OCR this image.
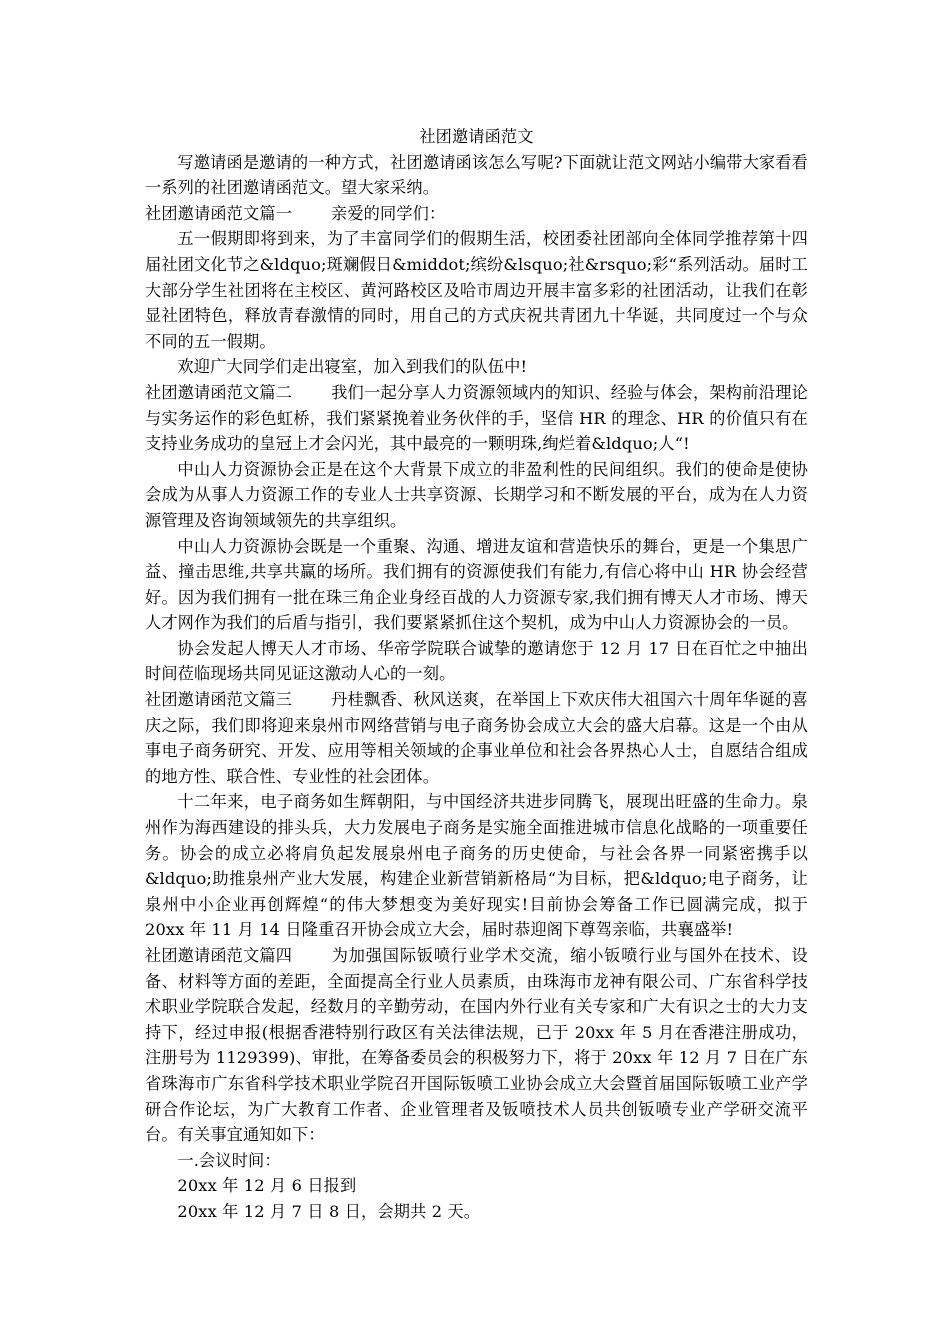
社团邀请函范文

写邀请函是邀请的一种方式，社团邀请函该怎么写呢?下面就让范文网站小编带大家看看一系列的社团邀请函范文。望大家采纳。

社团邀请函范文篇一 亲爱的同学们：

五一假期即将到来，为了丰富同学们的假期生活，校团委社团部向全体同学推荐第十四届社团文化节之&ldquo;斑斓假日&middot;缤纷&lsquo;社&rsquo;彩“系列活动。届时工大部分学生社团将在主校区、黄河路校区及哈市周边开展丰富多彩的社团活动，让我们在彰显社团特色，释放青春激情的同时，用自己的方式庆祝共青团九十华诞，共同度过一个与众不同的五一假期。

欢迎广大同学们走出寝室，加入到我们的队伍中!

社团邀请函范文篇二 我们一起分享人力资源领域内的知识、经验与体会，架构前沿理论与实务运作的彩色虹桥，我们紧紧挽着业务伙伴的手，坚信 HR 的理念、HR 的价值只有在支持业务成功的皇冠上才会闪光，其中最亮的一颗明珠,绚烂着&ldquo;人“!

中山人力资源协会正是在这个大背景下成立的非盈利性的民间组织。我们的使命是使协会成为从事人力资源工作的专业人士共享资源、长期学习和不断发展的平台，成为在人力资源管理及咨询领域领先的共享组织。

中山人力资源协会既是一个重聚、沟通、增进友谊和营造快乐的舞台，更是一个集思广益、撞击思维,共享共赢的场所。我们拥有的资源使我们有能力,有信心将中山 HR 协会经营好。因为我们拥有一批在珠三角企业身经百战的人力资源专家,我们拥有博天人才市场、博天人才网作为我们的后盾与指引，我们要紧紧抓住这个契机，成为中山人力资源协会的一员。

协会发起人博天人才市场、华帝学院联合诚挚的邀请您于 12 月 17 日在百忙之中抽出时间莅临现场共同见证这激动人心的一刻。

社团邀请函范文篇三 丹桂飘香、秋风送爽，在举国上下欢庆伟大祖国六十周年华诞的喜庆之际，我们即将迎来泉州市网络营销与电子商务协会成立大会的盛大启幕。这是一个由从事电子商务研究、开发、应用等相关领域的企事业单位和社会各界热心人士，自愿结合组成的地方性、联合性、专业性的社会团体。

十二年来，电子商务如生辉朝阳，与中国经济共进步同腾飞，展现出旺盛的生命力。泉州作为海西建设的排头兵，大力发展电子商务是实施全面推进城市信息化战略的一项重要任务。协会的成立必将肩负起发展泉州电子商务的历史使命，与社会各界一同紧密携手以&ldquo;助推泉州产业大发展，构建企业新营销新格局“为目标，把&ldquo;电子商务，让泉州中小企业再创辉煌“的伟大梦想变为美好现实!目前协会筹备工作已圆满完成，拟于 20xx 年 11 月 14 日隆重召开协会成立大会，届时恭迎阁下尊驾亲临，共襄盛举!

社团邀请函范文篇四 为加强国际钣喷行业学术交流，缩小钣喷行业与国外在技术、设备、材料等方面的差距，全面提高全行业人员素质，由珠海市龙神有限公司、广东省科学技术职业学院联合发起，经数月的辛勤劳动，在国内外行业有关专家和广大有识之士的大力支持下，经过申报(根据香港特别行政区有关法律法规，已于 20xx 年 5 月在香港注册成功，注册号为 1129399)、审批，在筹备委员会的积极努力下，将于 20xx 年 12 月 7 日在广东省珠海市广东省科学技术职业学院召开国际钣喷工业协会成立大会暨首届国际钣喷工业产学研合作论坛，为广大教育工作者、企业管理者及钣喷技术人员共创钣喷专业产学研交流平台。有关事宜通知如下：

一.会议时间：

20xx 年 12 月 6 日报到

20xx 年 12 月 7 日 8 日，会期共 2 天。
